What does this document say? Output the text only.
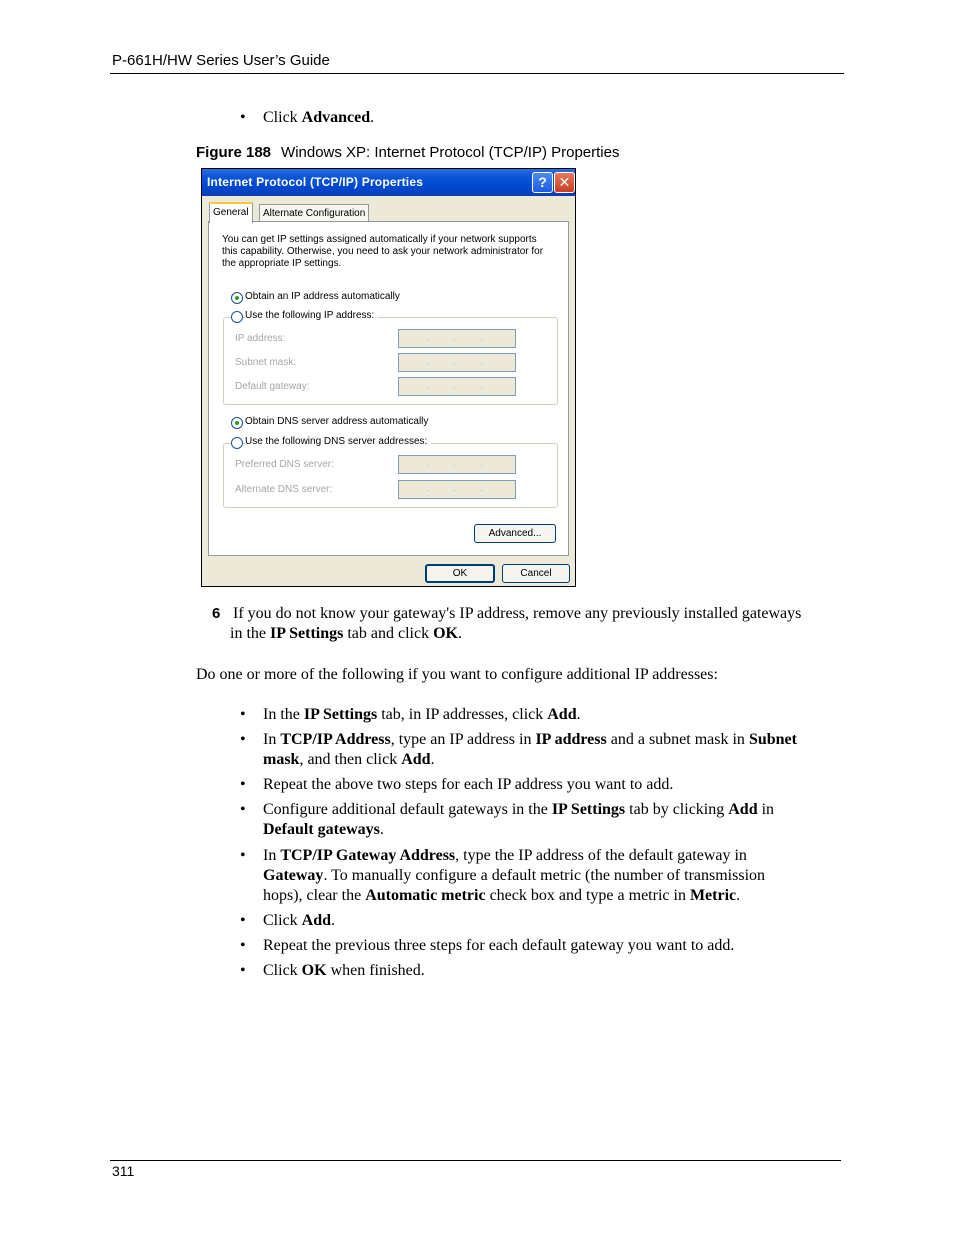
P-661H/HW Series User’s Guide
• Click Advanced.
Figure 188 Windows XP: Internet Protocol (TCP/IP) Properties
Internet Protocol (TCP/IP) Properties	? ✕
General	Alternate Configuration
You can get IP settings assigned automatically if your network supports
this capability. Otherwise, you need to ask your network administrator for
the appropriate IP settings.
Obtain an IP address automatically
Use the following IP address:
IP address:	...
Subnet mask:	...
Default gateway:	...
Obtain DNS server address automatically
Use the following DNS server addresses:
Preferred DNS server:	...
Alternate DNS server:	...
Advanced...
OK	Cancel
6 If you do not know your gateway's IP address, remove any previously installed gateways
in the IP Settings tab and click OK.
Do one or more of the following if you want to configure additional IP addresses:
• In the IP Settings tab, in IP addresses, click Add.
• In TCP/IP Address, type an IP address in IP address and a subnet mask in Subnet
mask, and then click Add.
• Repeat the above two steps for each IP address you want to add.
• Configure additional default gateways in the IP Settings tab by clicking Add in
Default gateways.
• In TCP/IP Gateway Address, type the IP address of the default gateway in
Gateway. To manually configure a default metric (the number of transmission
hops), clear the Automatic metric check box and type a metric in Metric.
• Click Add.
• Repeat the previous three steps for each default gateway you want to add.
• Click OK when finished.
311
